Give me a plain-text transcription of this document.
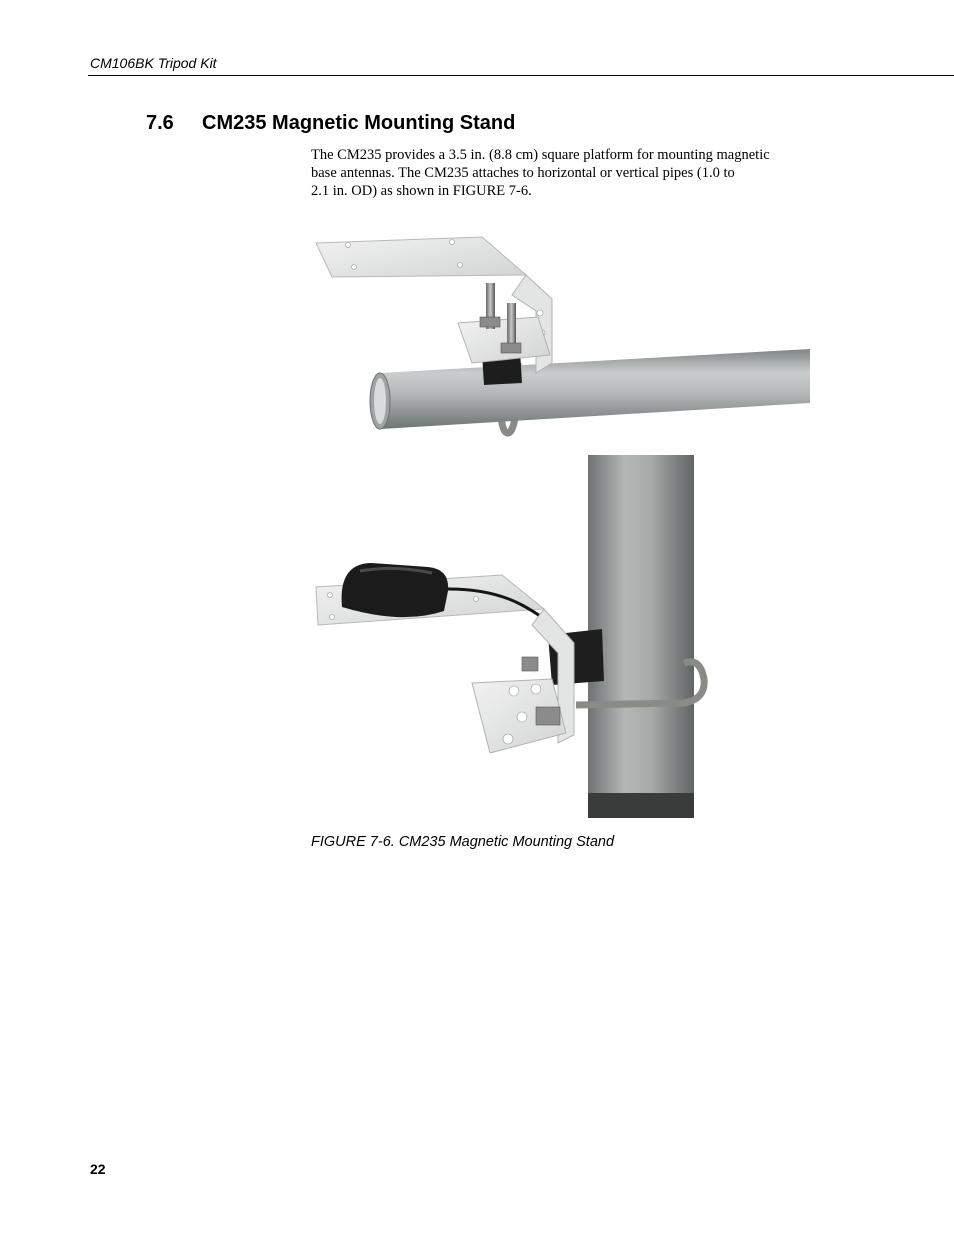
CM106BK Tripod Kit
7.6 CM235 Magnetic Mounting Stand
The CM235 provides a 3.5 in. (8.8 cm) square platform for mounting magnetic
base antennas. The CM235 attaches to horizontal or vertical pipes (1.0 to
2.1 in. OD) as shown in FIGURE 7-6.
FIGURE 7-6. CM235 Magnetic Mounting Stand
22
